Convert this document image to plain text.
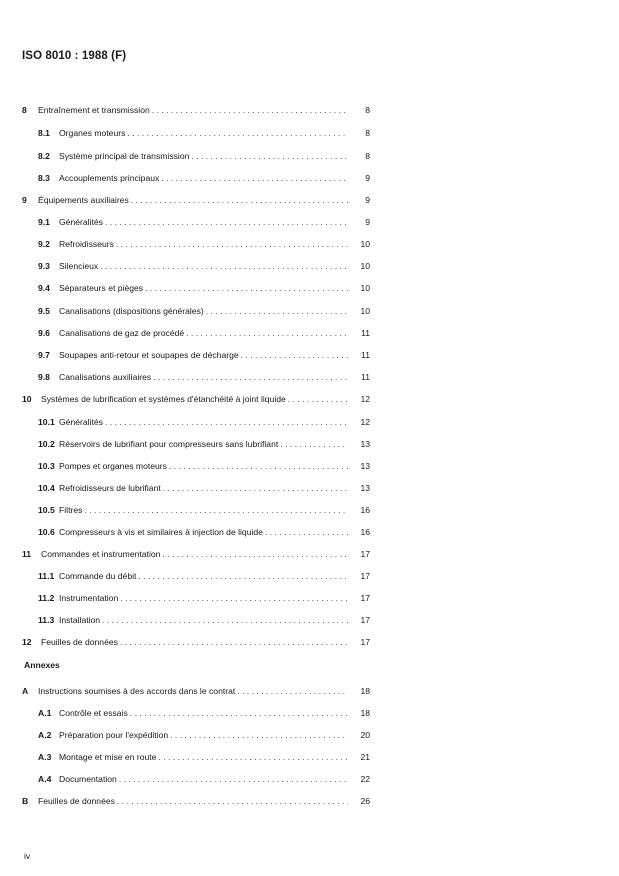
ISO 8010 : 1988 (F)
8 Entraînement et transmission .....	8
8.1 Organes moteurs .....	8
8.2 Système principal de transmission .....	8
8.3 Accouplements principaux .....	9
9 Équipements auxiliaires .....	9
9.1 Généralités .....	9
9.2 Refroidisseurs .....	10
9.3 Silencieux .....	10
9.4 Séparateurs et pièges .....	10
9.5 Canalisations (dispositions générales) .....	10
9.6 Canalisations de gaz de procédé .....	11
9.7 Soupapes anti-retour et soupapes de décharge .....	11
9.8 Canalisations auxiliaires .....	11
10 Systèmes de lubrification et systèmes d'étanchéité à joint liquide .....	12
10.1 Généralités .....	12
10.2 Réservoirs de lubrifiant pour compresseurs sans lubrifiant .....	13
10.3 Pompes et organes moteurs .....	13
10.4 Refroidisseurs de lubrifiant .....	13
10.5 Filtres .....	16
10.6 Compresseurs à vis et similaires à injection de liquide .....	16
11 Commandes et instrumentation .....	17
11.1 Commande du débit .....	17
11.2 Instrumentation .....	17
11.3 Installation .....	17
12 Feuilles de données .....	17
A Instructions soumises à des accords dans le contrat .....	18
A.1 Contrôle et essais .....	18
A.2 Préparation pour l'expédition .....	20
A.3 Montage et mise en route .....	21
A.4 Documentation .....	22
B Feuilles de données .....	26
Annexes
iv
